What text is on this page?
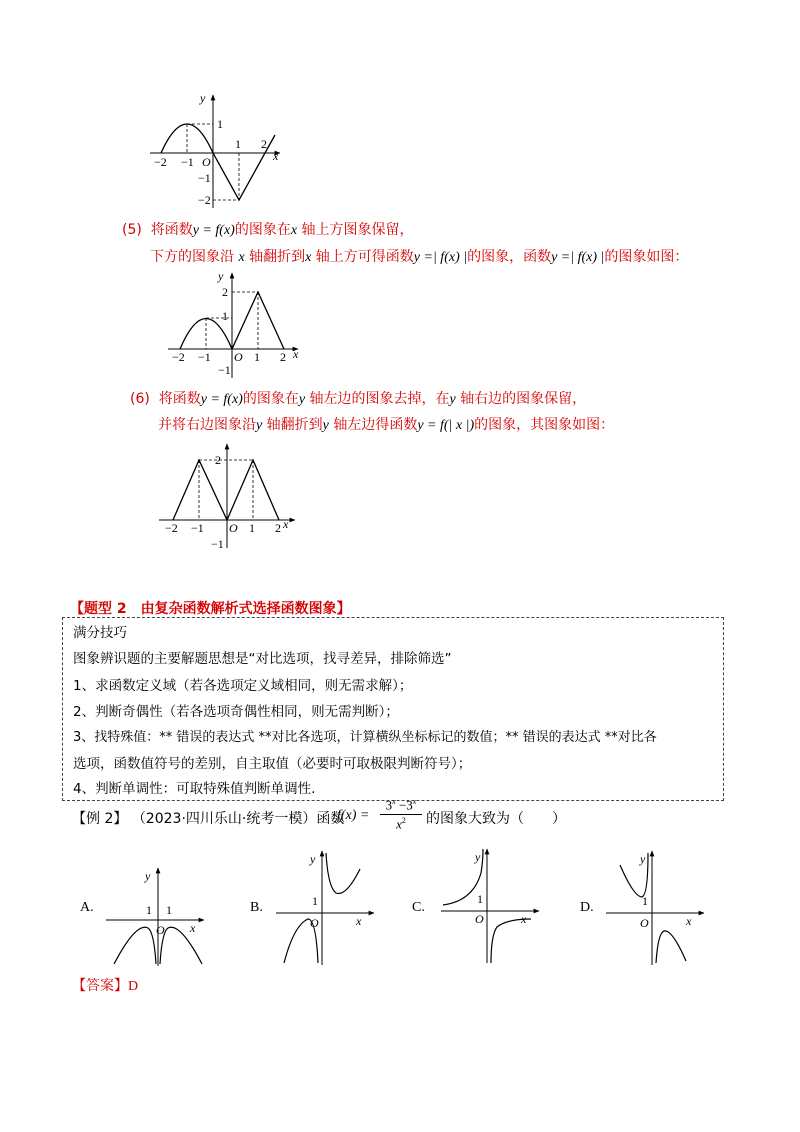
y
x
O
−2 −1
1 2
1
−1
−2
(5) 将函数y = f(x)的图象在x 轴上方图象保留，
下方的图象沿 x 轴翻折到x 轴上方可得函数y =| f(x) |的图象，函数y =| f(x) |的图象如图：
y
x
O
−2 −1	1 2
2
1
−1
(6) 将函数y = f(x)的图象在y 轴左边的图象去掉，在y 轴右边的图象保留，
并将右边图象沿y 轴翻折到y 轴左边得函数y = f(| x |)的图象，其图象如图：
x
O
−2 −1	1 2
2
−1
【题型 2　由复杂函数解析式选择函数图象】
满分技巧
图象辨识题的主要解题思想是“对比选项，找寻差异，排除筛选”
1、求函数定义域（若各选项定义域相同，则无需求解）；
2、判断奇偶性（若各选项奇偶性相同，则无需判断）；
3、找特殊值：** 错误的表达式 **对比各选项，计算横纵坐标标记的数值；** 错误的表达式 **对比各
选项，函数值符号的差别，自主取值（必要时可取极限判断符号）；
4、判断单调性：可取特殊值判断单调性.
【例 2】 （2023·四川乐山·统考一模）函数
f(x) =
$3^x -3^x$
$x^2$	的图象大致为（　　）
A.
y
x
O
1 1	B.
y
x
O
1	C.
y
x
O
1
D.
y
x
O
1
【答案】D
